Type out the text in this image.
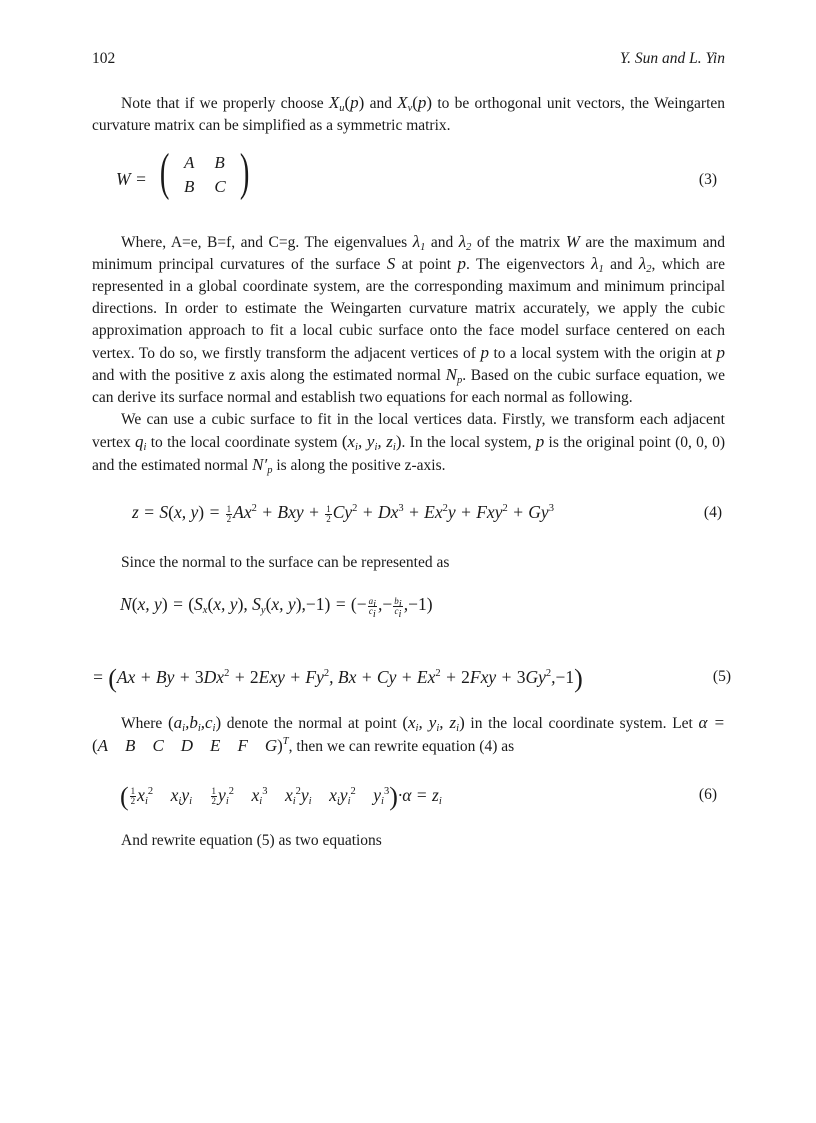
102	Y. Sun and L. Yin

Note that if we properly choose $X_u(p)$ and $X_v(p)$ to be orthogonal unit vectors, the Weingarten curvature matrix can be simplified as a symmetric matrix.

W = ( A	B
B	C )	(3)

Where, A=e, B=f, and C=g. The eigenvalues $\lambda_1$ and $\lambda_2$ of the matrix W are the maximum and minimum principal curvatures of the surface S at point p. The eigenvectors $\lambda_1$ and $\lambda_2$, which are represented in a global coordinate system, are the corresponding maximum and minimum principal directions. In order to estimate the Weingarten curvature matrix accurately, we apply the cubic approximation approach to fit a local cubic surface onto the face model surface centered on each vertex. To do so, we firstly transform the adjacent vertices of p to a local system with the origin at p and with the positive z axis along the estimated normal $N_p$. Based on the cubic surface equation, we can derive its surface normal and establish two equations for each normal as following.

We can use a cubic surface to fit in the local vertices data. Firstly, we transform each adjacent vertex $q_i$ to the local coordinate system ($x_i$, $y_i$, $z_i$). In the local system, p is the original point (0, 0, 0) and the estimated normal $N'_p$ is along the positive z-axis.

z = S(x, $y) = \frac{1}{2} Ax^2$ + Bxy + $\frac{1}{2} Cy^2 + Dx^3 + Ex^2y + Fxy^2 + Gy^3$	(4)

Since the normal to the surface can be represented as

N(x, $y) = (S_x(x$, y), $S_y(x$, y),−1) = (− $\frac{a_i}{c_i}$ ,− $\frac{b_i}{c_i} ,-1$)
= ($Ax + By + 3Dx^2 + 2Exy + Fy^2$, $Bx + Cy + Ex^2 + 2Fxy + 3Gy^2,-1$)	(5)

Where $(a_i,b_i,c_i)$ denote the normal at point ($x_i$, $y_i$, $z_i$) in the local coordinate system. Let α = (A    B    C    D    E    F    G)$^T$, then we can rewrite equation (4) as

( $\frac{1}{2} x_i^2$    $x_iy_i \frac{1}{2} y_i^2$    $x_i^3$    $x_i^2y_i$    $x_iy_i^2$    $y_i^3)\cdot\alpha = z_i$	(6)

And rewrite equation (5) as two equations
